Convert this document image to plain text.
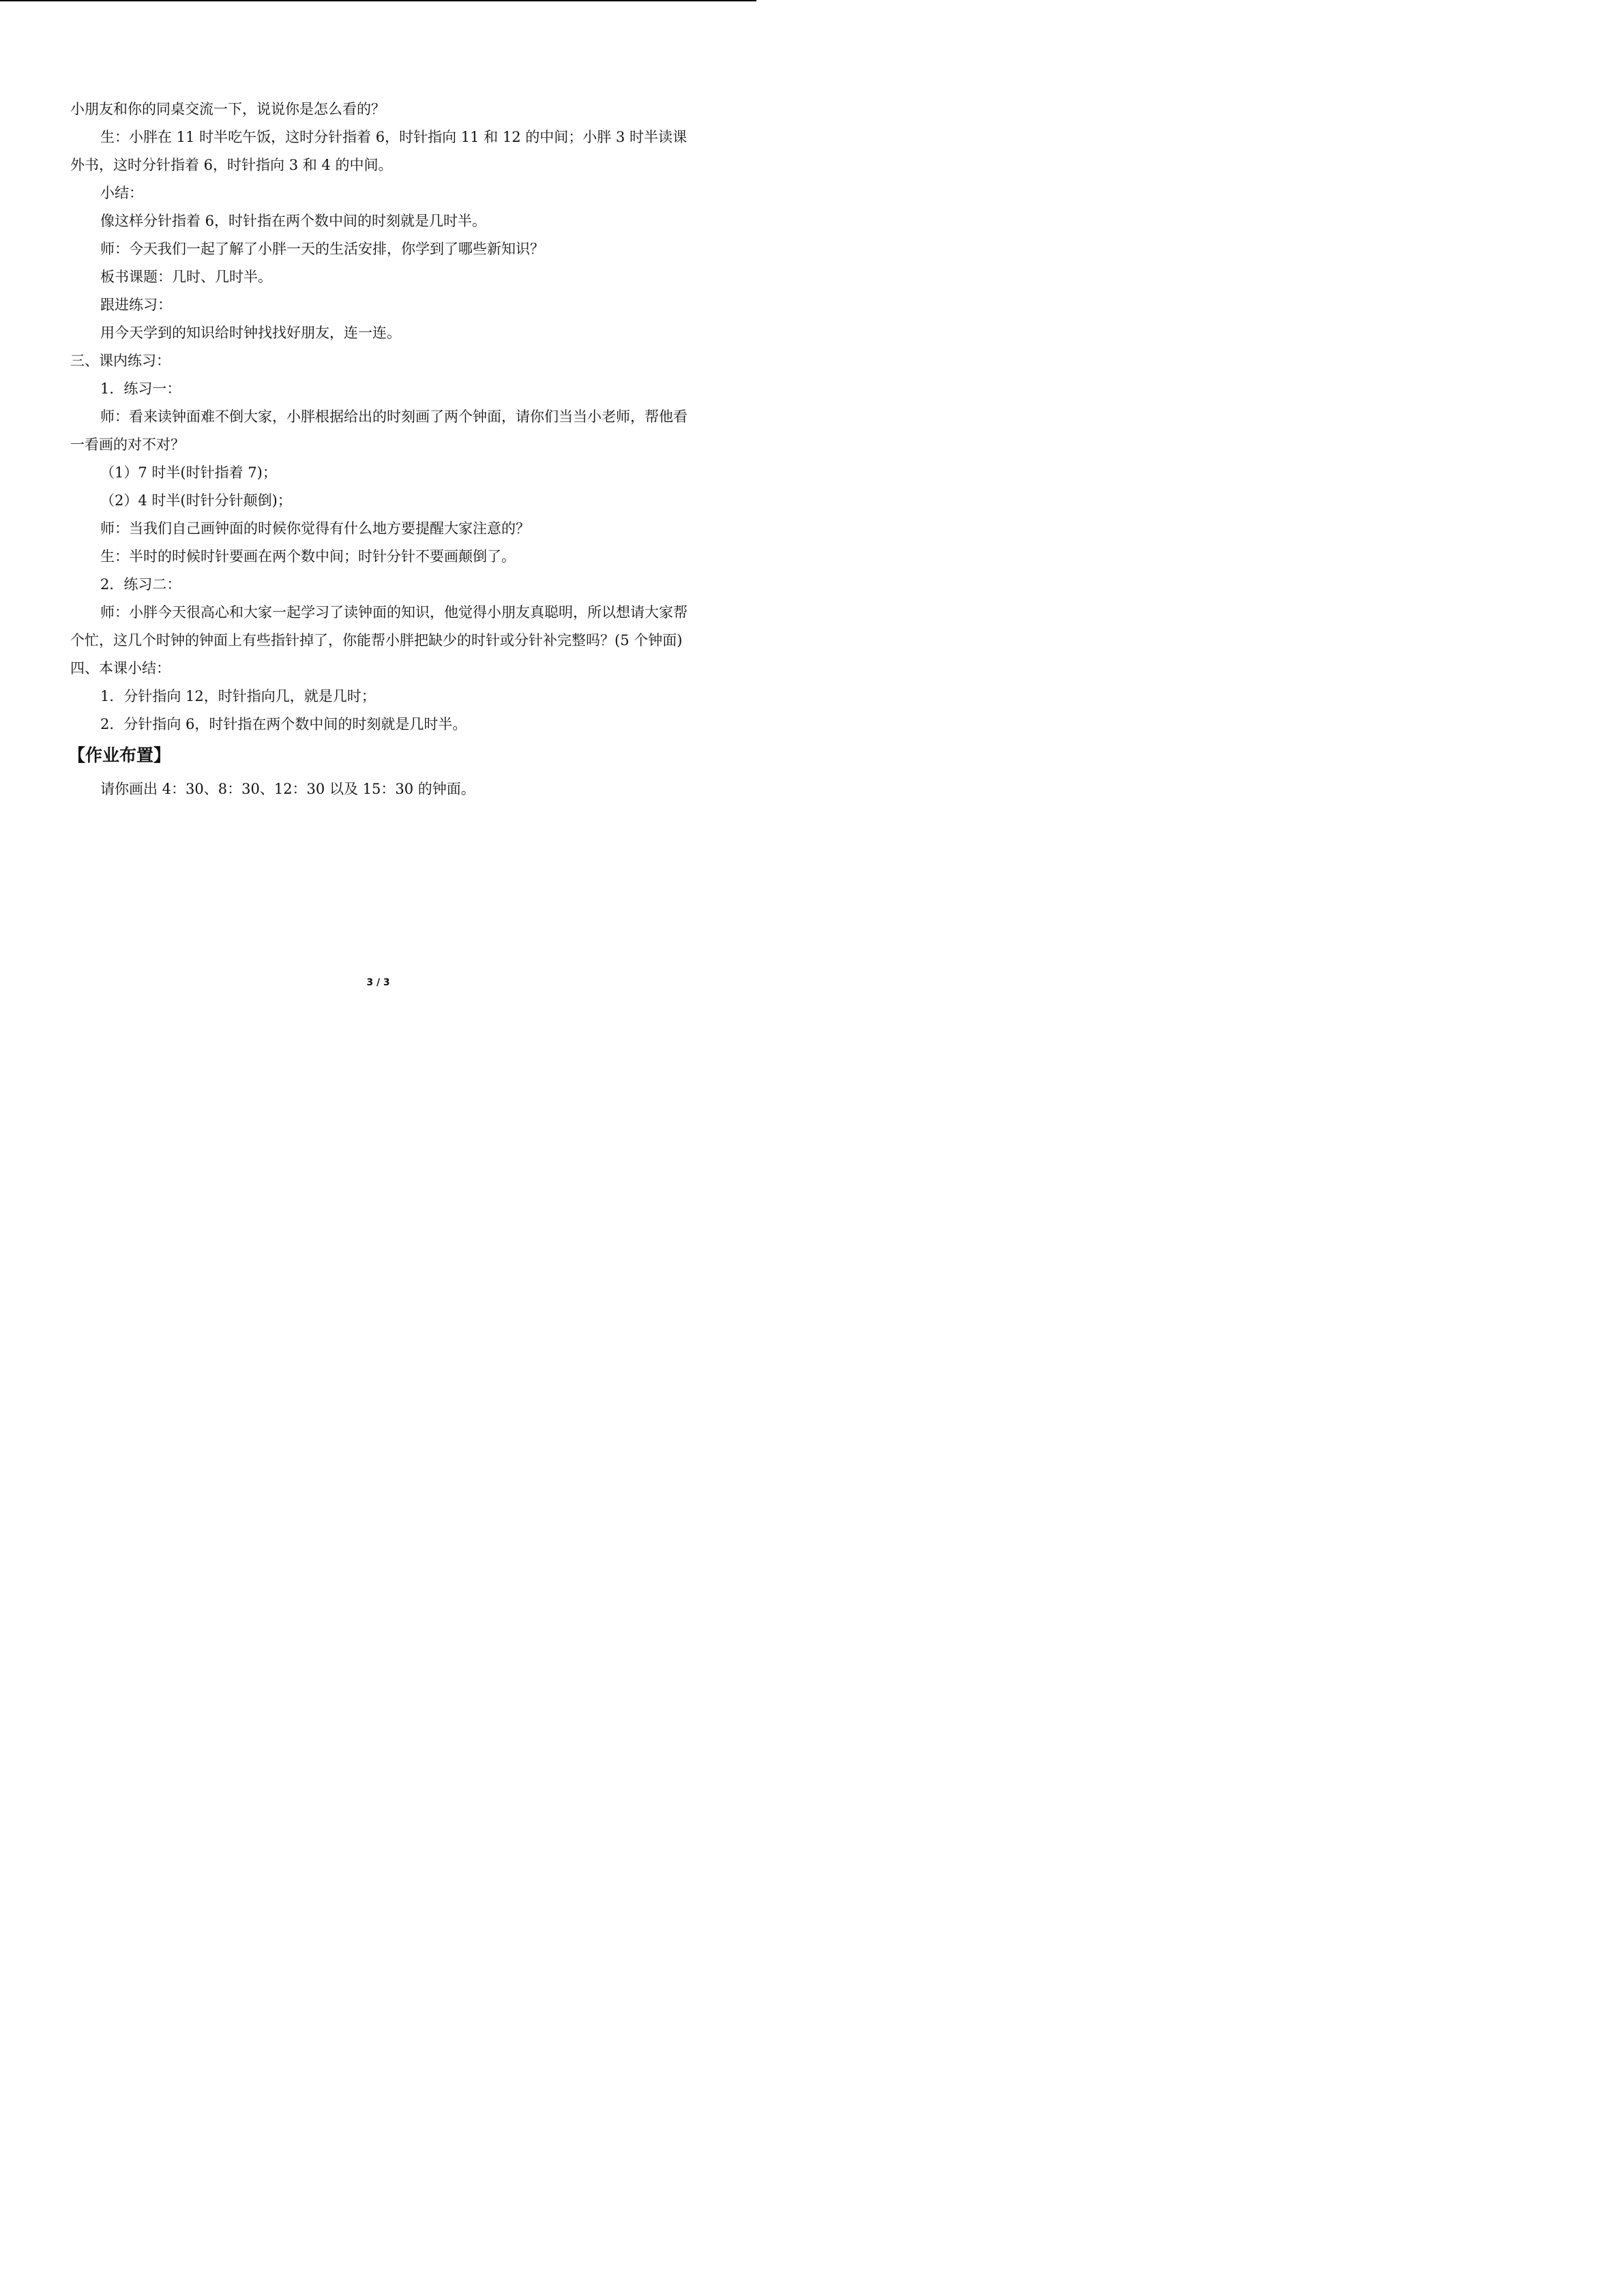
小朋友和你的同桌交流一下，说说你是怎么看的？

生：小胖在 11 时半吃午饭，这时分针指着 6，时针指向 11 和 12 的中间；小胖 3 时半读课外书，这时分针指着 6，时针指向 3 和 4 的中间。

小结：

像这样分针指着 6，时针指在两个数中间的时刻就是几时半。

师：今天我们一起了解了小胖一天的生活安排，你学到了哪些新知识？

板书课题：几时、几时半。

跟进练习：

用今天学到的知识给时钟找找好朋友，连一连。

三、课内练习：

1．练习一：

师：看来读钟面难不倒大家，小胖根据给出的时刻画了两个钟面，请你们当当小老师，帮他看一看画的对不对？

（1）7 时半(时针指着 7)；

（2）4 时半(时针分针颠倒)；

师：当我们自己画钟面的时候你觉得有什么地方要提醒大家注意的？

生：半时的时候时针要画在两个数中间；时针分针不要画颠倒了。

2．练习二：

师：小胖今天很高心和大家一起学习了读钟面的知识，他觉得小朋友真聪明，所以想请大家帮个忙，这几个时钟的钟面上有些指针掉了，你能帮小胖把缺少的时针或分针补完整吗？(5 个钟面)

四、本课小结：

1．分针指向 12，时针指向几，就是几时；

2．分针指向 6，时针指在两个数中间的时刻就是几时半。

【作业布置】

请你画出 4：30、8：30、12：30 以及 15：30 的钟面。

3 / 3
